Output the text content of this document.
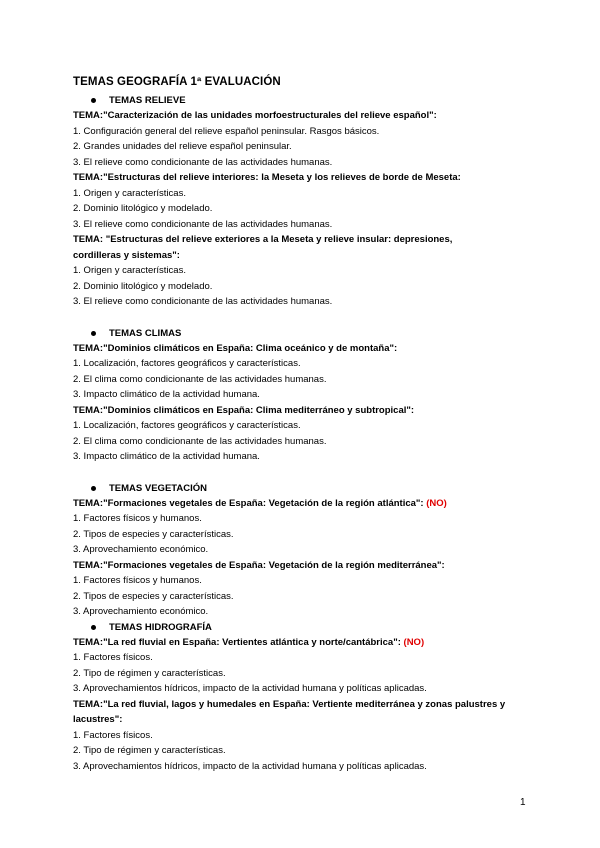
TEMAS GEOGRAFÍA 1ª EVALUACIÓN
TEMAS RELIEVE
TEMA:"Caracterización de las unidades morfoestructurales del relieve español":
1. Configuración general del relieve español peninsular. Rasgos básicos.
2. Grandes unidades del relieve español peninsular.
3. El relieve como condicionante de las actividades humanas.
TEMA:"Estructuras del relieve interiores: la Meseta y los relieves de borde de Meseta:
1. Origen y características.
2. Dominio litológico y modelado.
3. El relieve como condicionante de las actividades humanas.
TEMA: "Estructuras del relieve exteriores a la Meseta y relieve insular: depresiones,
cordilleras y sistemas":
1. Origen y características.
2. Dominio litológico y modelado.
3. El relieve como condicionante de las actividades humanas.
TEMAS CLIMAS
TEMA:"Dominios climáticos en España: Clima oceánico y de montaña":
1. Localización, factores geográficos y características.
2. El clima como condicionante de las actividades humanas.
3. Impacto climático de la actividad humana.
TEMA:"Dominios climáticos en España: Clima mediterráneo y subtropical":
1. Localización, factores geográficos y características.
2. El clima como condicionante de las actividades humanas.
3. Impacto climático de la actividad humana.
TEMAS VEGETACIÓN
TEMA:"Formaciones vegetales de España: Vegetación de la región atlántica": (NO)
1. Factores físicos y humanos.
2. Tipos de especies y características.
3. Aprovechamiento económico.
TEMA:"Formaciones vegetales de España: Vegetación de la región mediterránea":
1. Factores físicos y humanos.
2. Tipos de especies y características.
3. Aprovechamiento económico.
TEMAS HIDROGRAFÍA
TEMA:"La red fluvial en España: Vertientes atlántica y norte/cantábrica": (NO)
1. Factores físicos.
2. Tipo de régimen y características.
3. Aprovechamientos hídricos, impacto de la actividad humana y políticas aplicadas.
TEMA:"La red fluvial, lagos y humedales en España: Vertiente mediterránea y zonas palustres y
lacustres":
1. Factores físicos.
2. Tipo de régimen y características.
3. Aprovechamientos hídricos, impacto de la actividad humana y políticas aplicadas.
1
